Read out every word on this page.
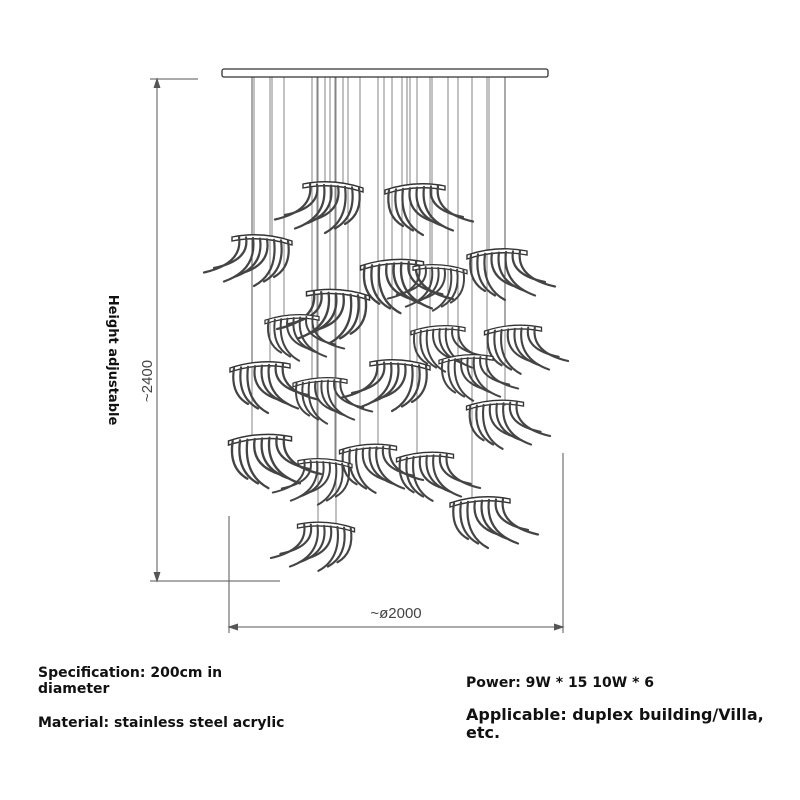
~2400
Height adjustable
~ø2000
Specification: 200cm in diameter
Material: stainless steel acrylic
Power: 9W * 15 10W * 6
Applicable: duplex building/Villa, etc.
